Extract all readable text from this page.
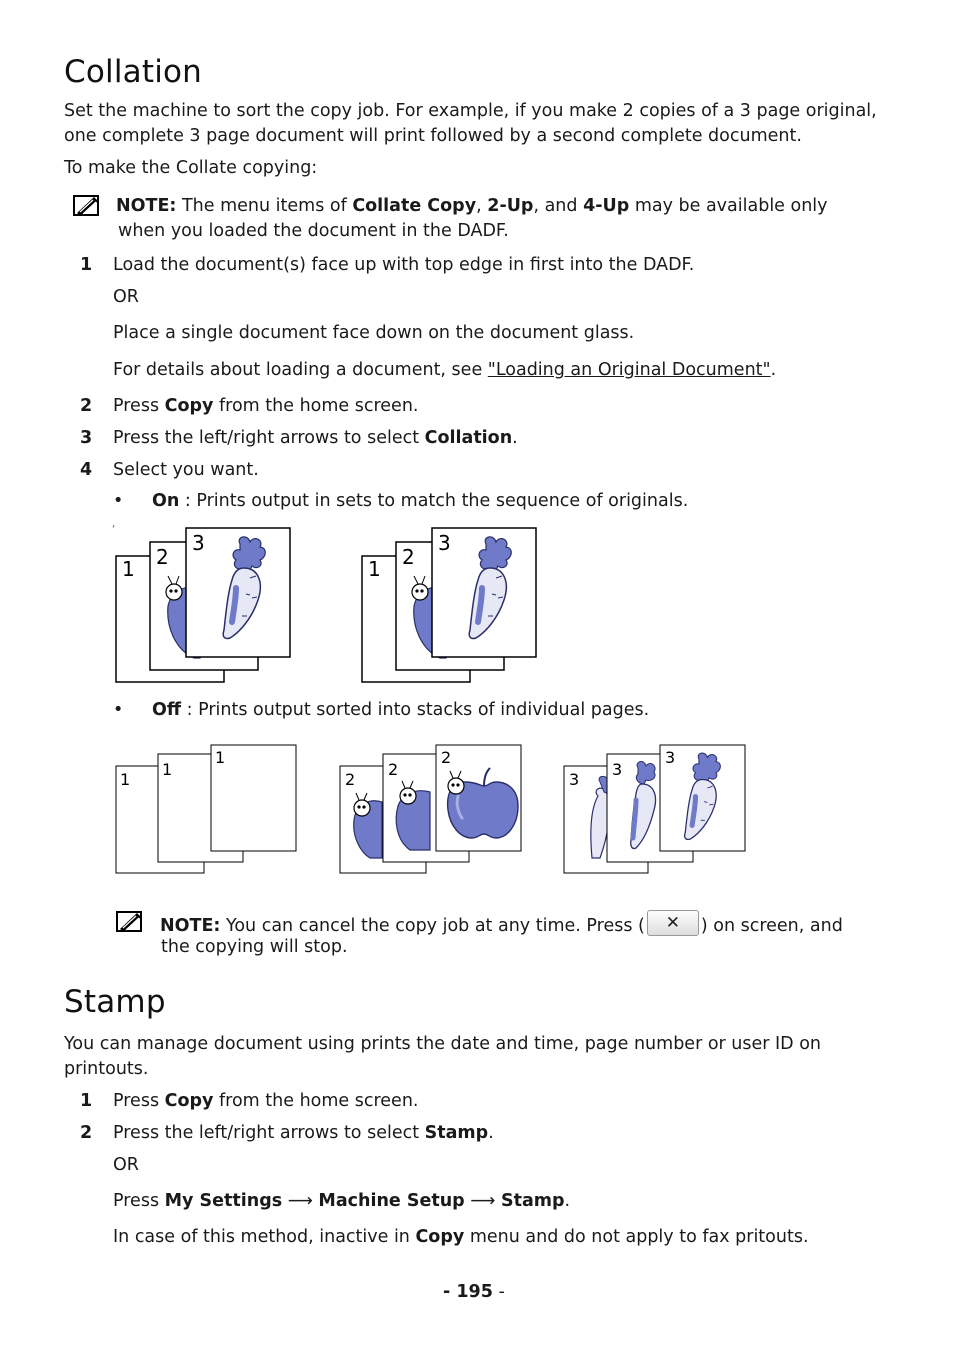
Collation
Set the machine to sort the copy job. For example, if you make 2 copies of a 3 page original,
one complete 3 page document will print followed by a second complete document.
To make the Collate copying:
NOTE: The menu items of Collate Copy, 2-Up, and 4-Up may be available only
when you loaded the document in the DADF.
1 Load the document(s) face up with top edge in first into the DADF.
OR
Place a single document face down on the document glass.
For details about loading a document, see "Loading an Original Document".
2 Press Copy from the home screen.
3 Press the left/right arrows to select Collation.
4 Select you want.
• On : Prints output in sets to match the sequence of originals.
‘
• Off : Prints output sorted into stacks of individual pages.
1
1
1
2
2
2
3
3
3
NOTE: You can cancel the copy job at any time. Press (	✕	) on screen, and
the copying will stop.
Stamp
You can manage document using prints the date and time, page number or user ID on
printouts.
1 Press Copy from the home screen.
2 Press the left/right arrows to select Stamp.
OR
Press My Settings ⟶ Machine Setup ⟶ Stamp.
In case of this method, inactive in Copy menu and do not apply to fax pritouts.
- 195 -
